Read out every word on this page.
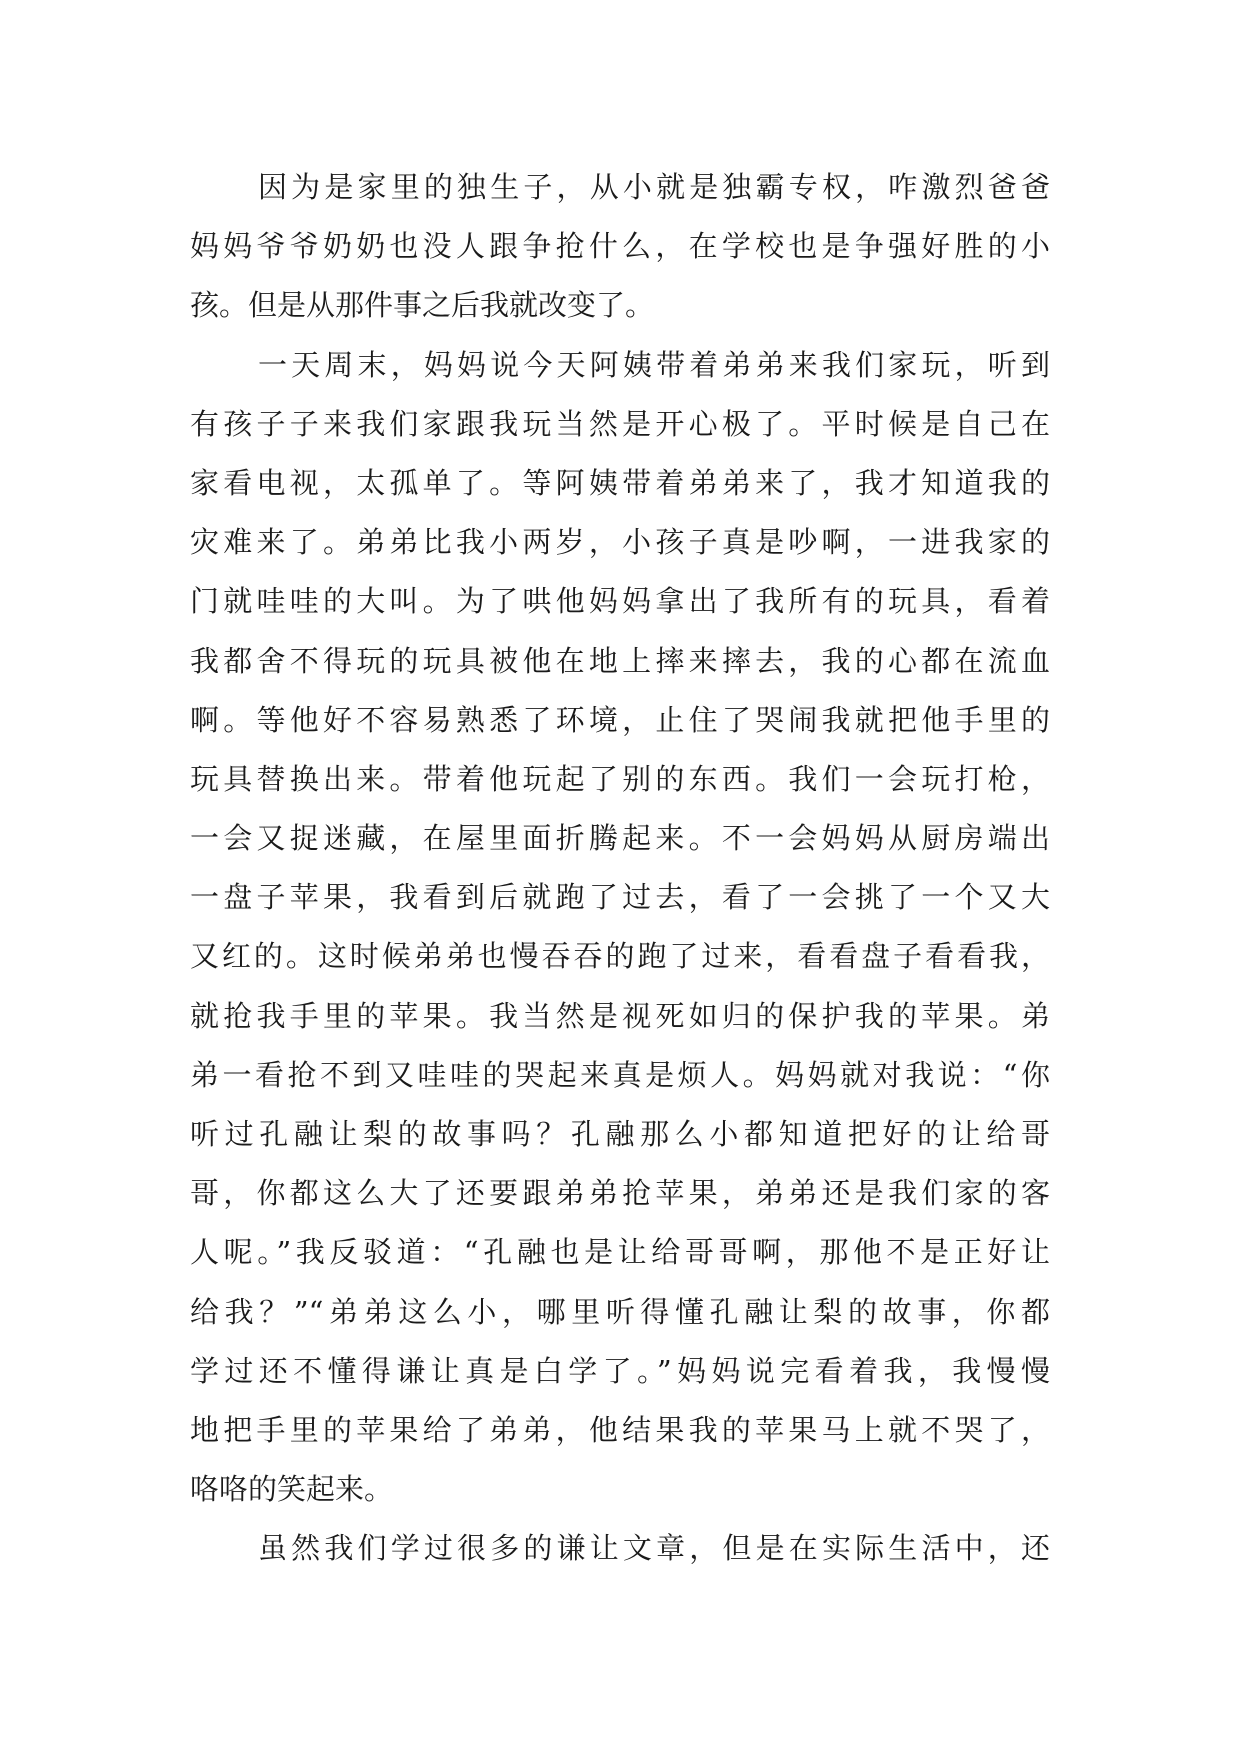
因为是家里的独生子，从小就是独霸专权，咋激烈爸爸
妈妈爷爷奶奶也没人跟争抢什么，在学校也是争强好胜的小
孩。但是从那件事之后我就改变了。
一天周末，妈妈说今天阿姨带着弟弟来我们家玩，听到
有孩子子来我们家跟我玩当然是开心极了。平时候是自己在
家看电视，太孤单了。等阿姨带着弟弟来了，我才知道我的
灾难来了。弟弟比我小两岁，小孩子真是吵啊，一进我家的
门就哇哇的大叫。为了哄他妈妈拿出了我所有的玩具，看着
我都舍不得玩的玩具被他在地上摔来摔去，我的心都在流血
啊。等他好不容易熟悉了环境，止住了哭闹我就把他手里的
玩具替换出来。带着他玩起了别的东西。我们一会玩打枪，
一会又捉迷藏，在屋里面折腾起来。不一会妈妈从厨房端出
一盘子苹果，我看到后就跑了过去，看了一会挑了一个又大
又红的。这时候弟弟也慢吞吞的跑了过来，看看盘子看看我，
就抢我手里的苹果。我当然是视死如归的保护我的苹果。弟
弟一看抢不到又哇哇的哭起来真是烦人。妈妈就对我说：“你
听过孔融让梨的故事吗？孔融那么小都知道把好的让给哥
哥，你都这么大了还要跟弟弟抢苹果，弟弟还是我们家的客
人呢。”我反驳道：“孔融也是让给哥哥啊，那他不是正好让
给我？”“弟弟这么小，哪里听得懂孔融让梨的故事，你都
学过还不懂得谦让真是白学了。”妈妈说完看着我，我慢慢
地把手里的苹果给了弟弟，他结果我的苹果马上就不哭了，
咯咯的笑起来。
虽然我们学过很多的谦让文章，但是在实际生活中，还
